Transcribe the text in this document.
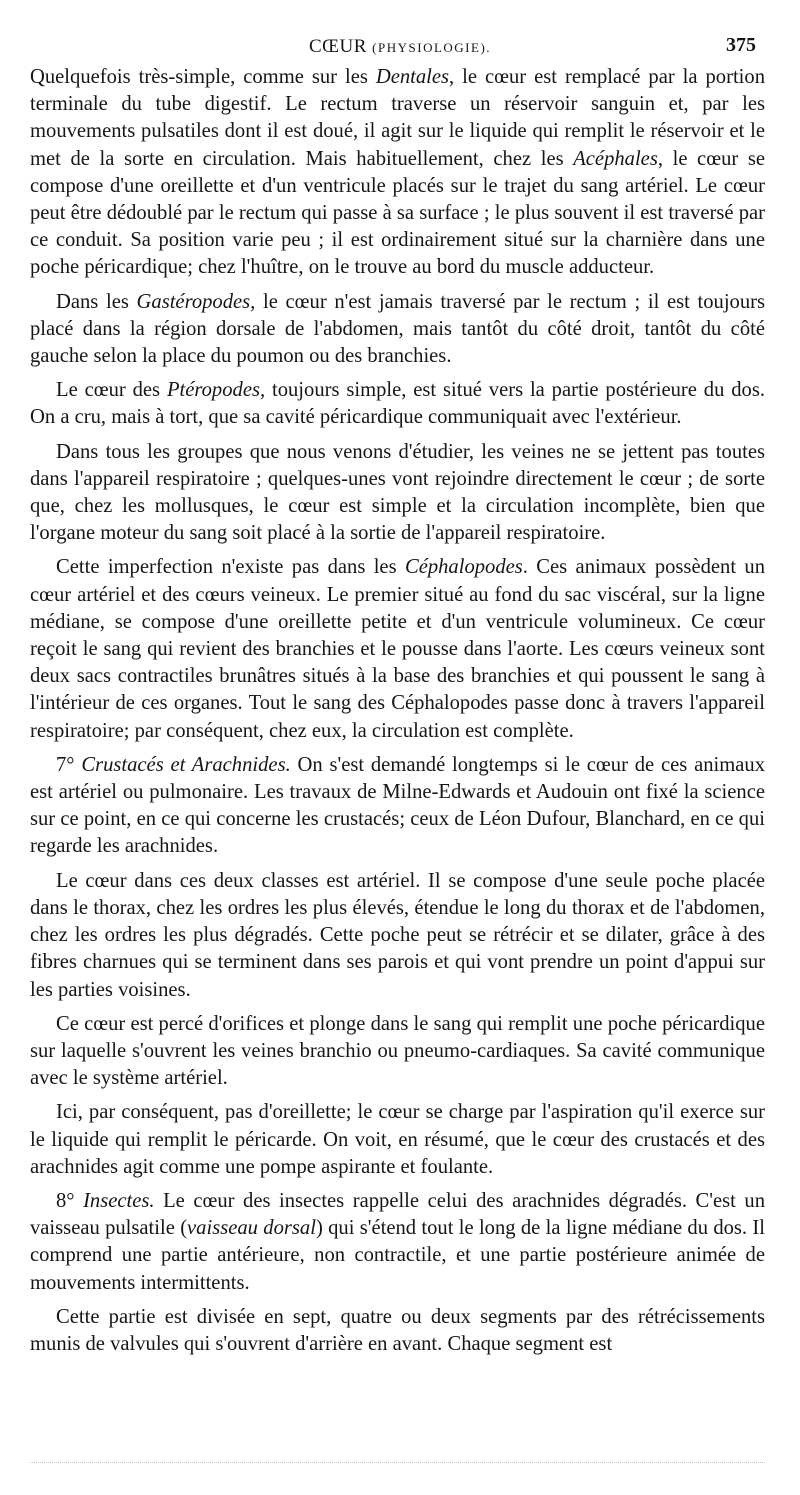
CŒUR (PHYSIOLOGIE).	375

Quelquefois très-simple, comme sur les Dentales, le cœur est remplacé par la portion terminale du tube digestif. Le rectum traverse un réservoir sanguin et, par les mouvements pulsatiles dont il est doué, il agit sur le liquide qui remplit le réservoir et le met de la sorte en circulation. Mais habituellement, chez les Acéphales, le cœur se compose d'une oreillette et d'un ventricule placés sur le trajet du sang artériel. Le cœur peut être dédoublé par le rectum qui passe à sa surface ; le plus souvent il est traversé par ce conduit. Sa position varie peu ; il est ordinairement situé sur la charnière dans une poche péricardique; chez l'huître, on le trouve au bord du muscle adducteur.

Dans les Gastéropodes, le cœur n'est jamais traversé par le rectum ; il est toujours placé dans la région dorsale de l'abdomen, mais tantôt du côté droit, tantôt du côté gauche selon la place du poumon ou des branchies.

Le cœur des Ptéropodes, toujours simple, est situé vers la partie postérieure du dos. On a cru, mais à tort, que sa cavité péricardique communiquait avec l'extérieur.

Dans tous les groupes que nous venons d'étudier, les veines ne se jettent pas toutes dans l'appareil respiratoire ; quelques-unes vont rejoindre directement le cœur ; de sorte que, chez les mollusques, le cœur est simple et la circulation incomplète, bien que l'organe moteur du sang soit placé à la sortie de l'appareil respiratoire.

Cette imperfection n'existe pas dans les Céphalopodes. Ces animaux possèdent un cœur artériel et des cœurs veineux. Le premier situé au fond du sac viscéral, sur la ligne médiane, se compose d'une oreillette petite et d'un ventricule volumineux. Ce cœur reçoit le sang qui revient des branchies et le pousse dans l'aorte. Les cœurs veineux sont deux sacs contractiles brunâtres situés à la base des branchies et qui poussent le sang à l'intérieur de ces organes. Tout le sang des Céphalopodes passe donc à travers l'appareil respiratoire; par conséquent, chez eux, la circulation est complète.

7° Crustacés et Arachnides. On s'est demandé longtemps si le cœur de ces animaux est artériel ou pulmonaire. Les travaux de Milne-Edwards et Audouin ont fixé la science sur ce point, en ce qui concerne les crustacés; ceux de Léon Dufour, Blanchard, en ce qui regarde les arachnides.

Le cœur dans ces deux classes est artériel. Il se compose d'une seule poche placée dans le thorax, chez les ordres les plus élevés, étendue le long du thorax et de l'abdomen, chez les ordres les plus dégradés. Cette poche peut se rétrécir et se dilater, grâce à des fibres charnues qui se terminent dans ses parois et qui vont prendre un point d'appui sur les parties voisines.

Ce cœur est percé d'orifices et plonge dans le sang qui remplit une poche péricardique sur laquelle s'ouvrent les veines branchio ou pneumo-cardiaques. Sa cavité communique avec le système artériel.

Ici, par conséquent, pas d'oreillette; le cœur se charge par l'aspiration qu'il exerce sur le liquide qui remplit le péricarde. On voit, en résumé, que le cœur des crustacés et des arachnides agit comme une pompe aspirante et foulante.

8° Insectes. Le cœur des insectes rappelle celui des arachnides dégradés. C'est un vaisseau pulsatile (vaisseau dorsal) qui s'étend tout le long de la ligne médiane du dos. Il comprend une partie antérieure, non contractile, et une partie postérieure animée de mouvements intermittents.

Cette partie est divisée en sept, quatre ou deux segments par des rétrécissements munis de valvules qui s'ouvrent d'arrière en avant. Chaque segment est
